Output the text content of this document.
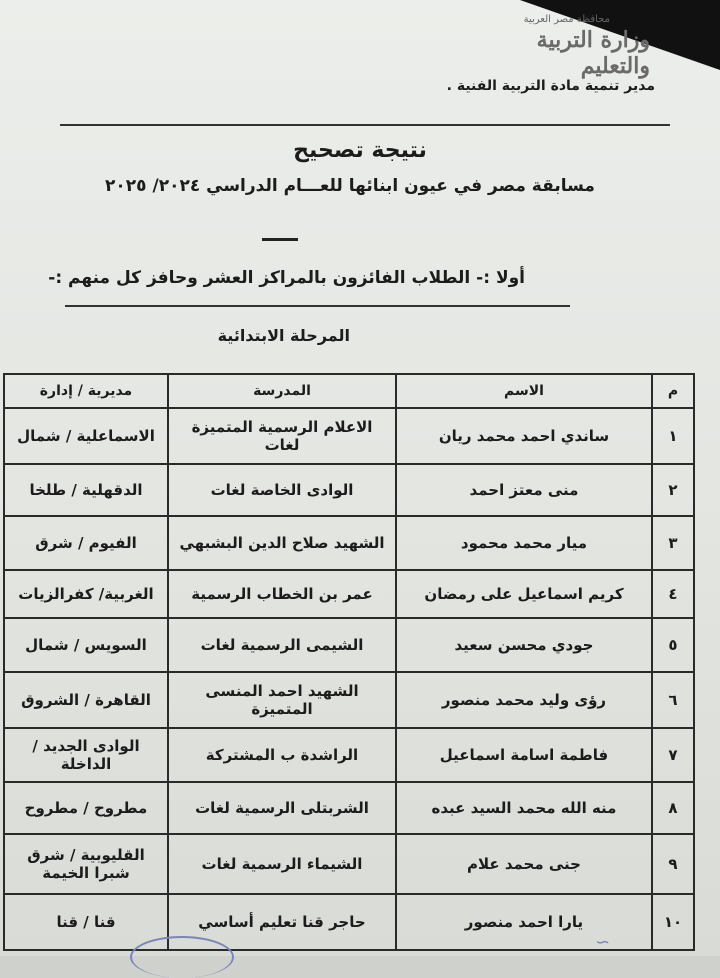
محافظة مصر العربية
وزارة التربية والتعليم
مدير تنمية مادة التربية الفنية .
نتيجة تصحيح
مسابقة مصر في عيون ابنائها للعـــام الدراسي ٢٠٢٤/ ٢٠٢٥
أولا :- الطلاب الفائزون بالمراكز العشر وحافز كل منهم :-
المرحلة الابتدائية
م	الاسم	المدرسة	مديرية / إدارة
١	ساندي احمد محمد ريان	الاعلام الرسمية المتميزة لغات	الاسماعلية / شمال
٢	منى معتز احمد	الوادى الخاصة لغات	الدقهلية / طلخا
٣	ميار محمد محمود	الشهيد صلاح الدين البشبهي	الفيوم / شرق
٤	كريم اسماعيل على رمضان	عمر بن الخطاب الرسمية	الغربية/ كفرالزيات
٥	جودي محسن سعيد	الشيمى الرسمية لغات	السويس / شمال
٦	رؤى وليد محمد منصور	الشهيد احمد المنسى المتميزة	القاهرة / الشروق
٧	فاطمة اسامة اسماعيل	الراشدة ب المشتركة	الوادى الجديد / الداخلة
٨	منه الله محمد السيد عبده	الشربتلى الرسمية لغات	مطروح / مطروح
٩	جنى محمد علام	الشيماء الرسمية لغات	القليوبية / شرق شبرا الخيمة
١٠	يارا احمد منصور	حاجر قنا تعليم أساسي	قنا / قنا
∽
